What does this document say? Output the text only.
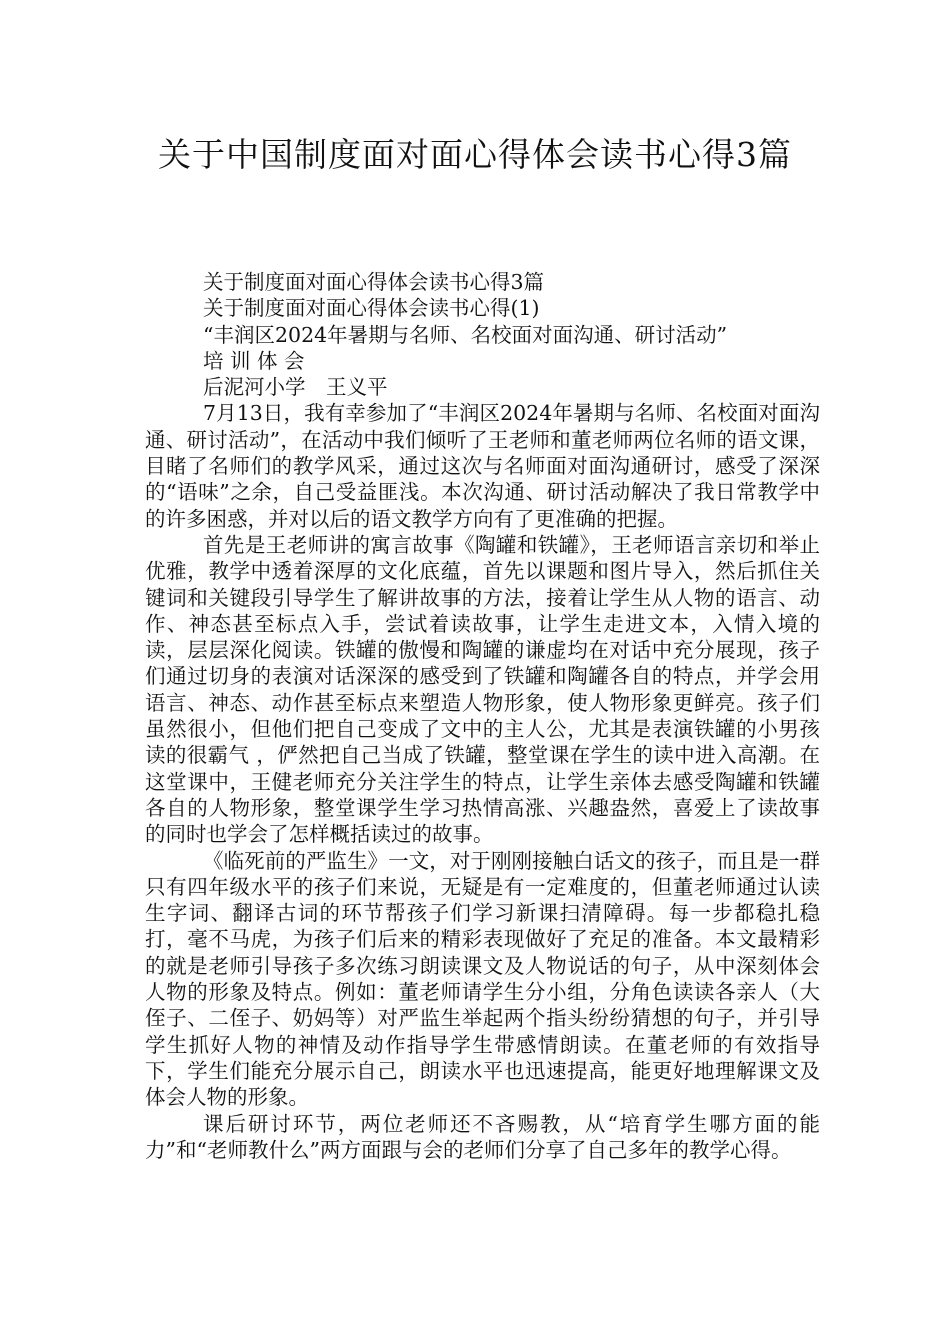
关于中国制度面对面心得体会读书心得3篇

关于制度面对面心得体会读书心得3篇

关于制度面对面心得体会读书心得(1)

“丰润区2024年暑期与名师、名校面对面沟通、研讨活动”

培 训 体 会

后泥河小学　王义平

7月13日，我有幸参加了“丰润区2024年暑期与名师、名校面对面沟通、研讨活动”，在活动中我们倾听了王老师和董老师两位名师的语文课，目睹了名师们的教学风采，通过这次与名师面对面沟通研讨，感受了深深的“语味”之余，自己受益匪浅。本次沟通、研讨活动解决了我日常教学中的许多困惑，并对以后的语文教学方向有了更准确的把握。

首先是王老师讲的寓言故事《陶罐和铁罐》，王老师语言亲切和举止优雅，教学中透着深厚的文化底蕴，首先以课题和图片导入，然后抓住关键词和关键段引导学生了解讲故事的方法，接着让学生从人物的语言、动作、神态甚至标点入手，尝试着读故事，让学生走进文本，入情入境的读，层层深化阅读。铁罐的傲慢和陶罐的谦虚均在对话中充分展现，孩子们通过切身的表演对话深深的感受到了铁罐和陶罐各自的特点，并学会用语言、神态、动作甚至标点来塑造人物形象，使人物形象更鲜亮。孩子们虽然很小，但他们把自己变成了文中的主人公，尤其是表演铁罐的小男孩读的很霸气 ，俨然把自己当成了铁罐，整堂课在学生的读中进入高潮。在这堂课中，王健老师充分关注学生的特点，让学生亲体去感受陶罐和铁罐各自的人物形象，整堂课学生学习热情高涨、兴趣盎然，喜爱上了读故事的同时也学会了怎样概括读过的故事。

《临死前的严监生》一文，对于刚刚接触白话文的孩子，而且是一群只有四年级水平的孩子们来说，无疑是有一定难度的，但董老师通过认读生字词、翻译古词的环节帮孩子们学习新课扫清障碍。每一步都稳扎稳打，毫不马虎，为孩子们后来的精彩表现做好了充足的准备。本文最精彩的就是老师引导孩子多次练习朗读课文及人物说话的句子，从中深刻体会人物的形象及特点。例如：董老师请学生分小组，分角色读读各亲人（大侄子、二侄子、奶妈等）对严监生举起两个指头纷纷猜想的句子，并引导学生抓好人物的神情及动作指导学生带感情朗读。在董老师的有效指导下，学生们能充分展示自己，朗读水平也迅速提高，能更好地理解课文及体会人物的形象。

课后研讨环节，两位老师还不吝赐教，从“培育学生哪方面的能力”和“老师教什么”两方面跟与会的老师们分享了自己多年的教学心得。
